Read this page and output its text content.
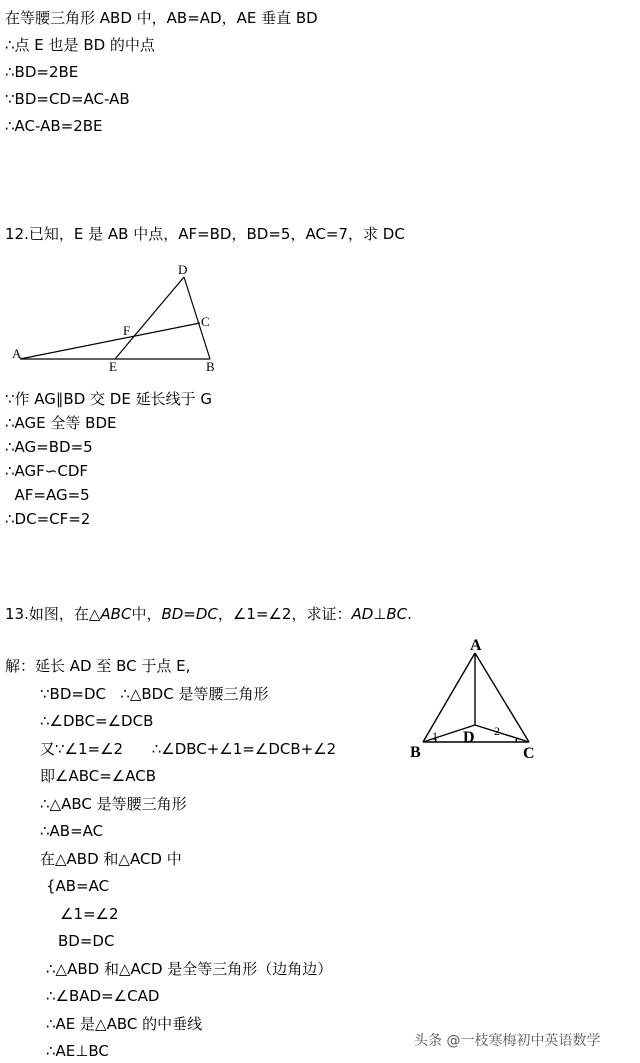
在等腰三角形 ABD 中，AB=AD，AE 垂直 BD
∴点 E 也是 BD 的中点
∴BD=2BE
∵BD=CD=AC-AB
∴AC-AB=2BE
12.已知，E 是 AB 中点，AF=BD，BD=5，AC=7，求 DC
D
C
F
A
E	B
∵作 AG∥BD 交 DE 延长线于 G
∴AGE 全等 BDE
∴AG=BD=5
∴AGF∽CDF
AF=AG=5
∴DC=CF=2
13.如图，在△ABC中，BD=DC，∠1=∠2，求证：AD⊥BC.
A
B	C
D
1	2
解：延长 AD 至 BC 于点 E,
∵BD=DC   ∴△BDC 是等腰三角形
∴∠DBC=∠DCB
又∵∠1=∠2      ∴∠DBC+∠1=∠DCB+∠2
即∠ABC=∠ACB
∴△ABC 是等腰三角形
∴AB=AC
在△ABD 和△ACD 中
{AB=AC
∠1=∠2
BD=DC
∴△ABD 和△ACD 是全等三角形（边角边）
∴∠BAD=∠CAD
∴AE 是△ABC 的中垂线
∴AE⊥BC
头条 @一枝寒梅初中英语数学
